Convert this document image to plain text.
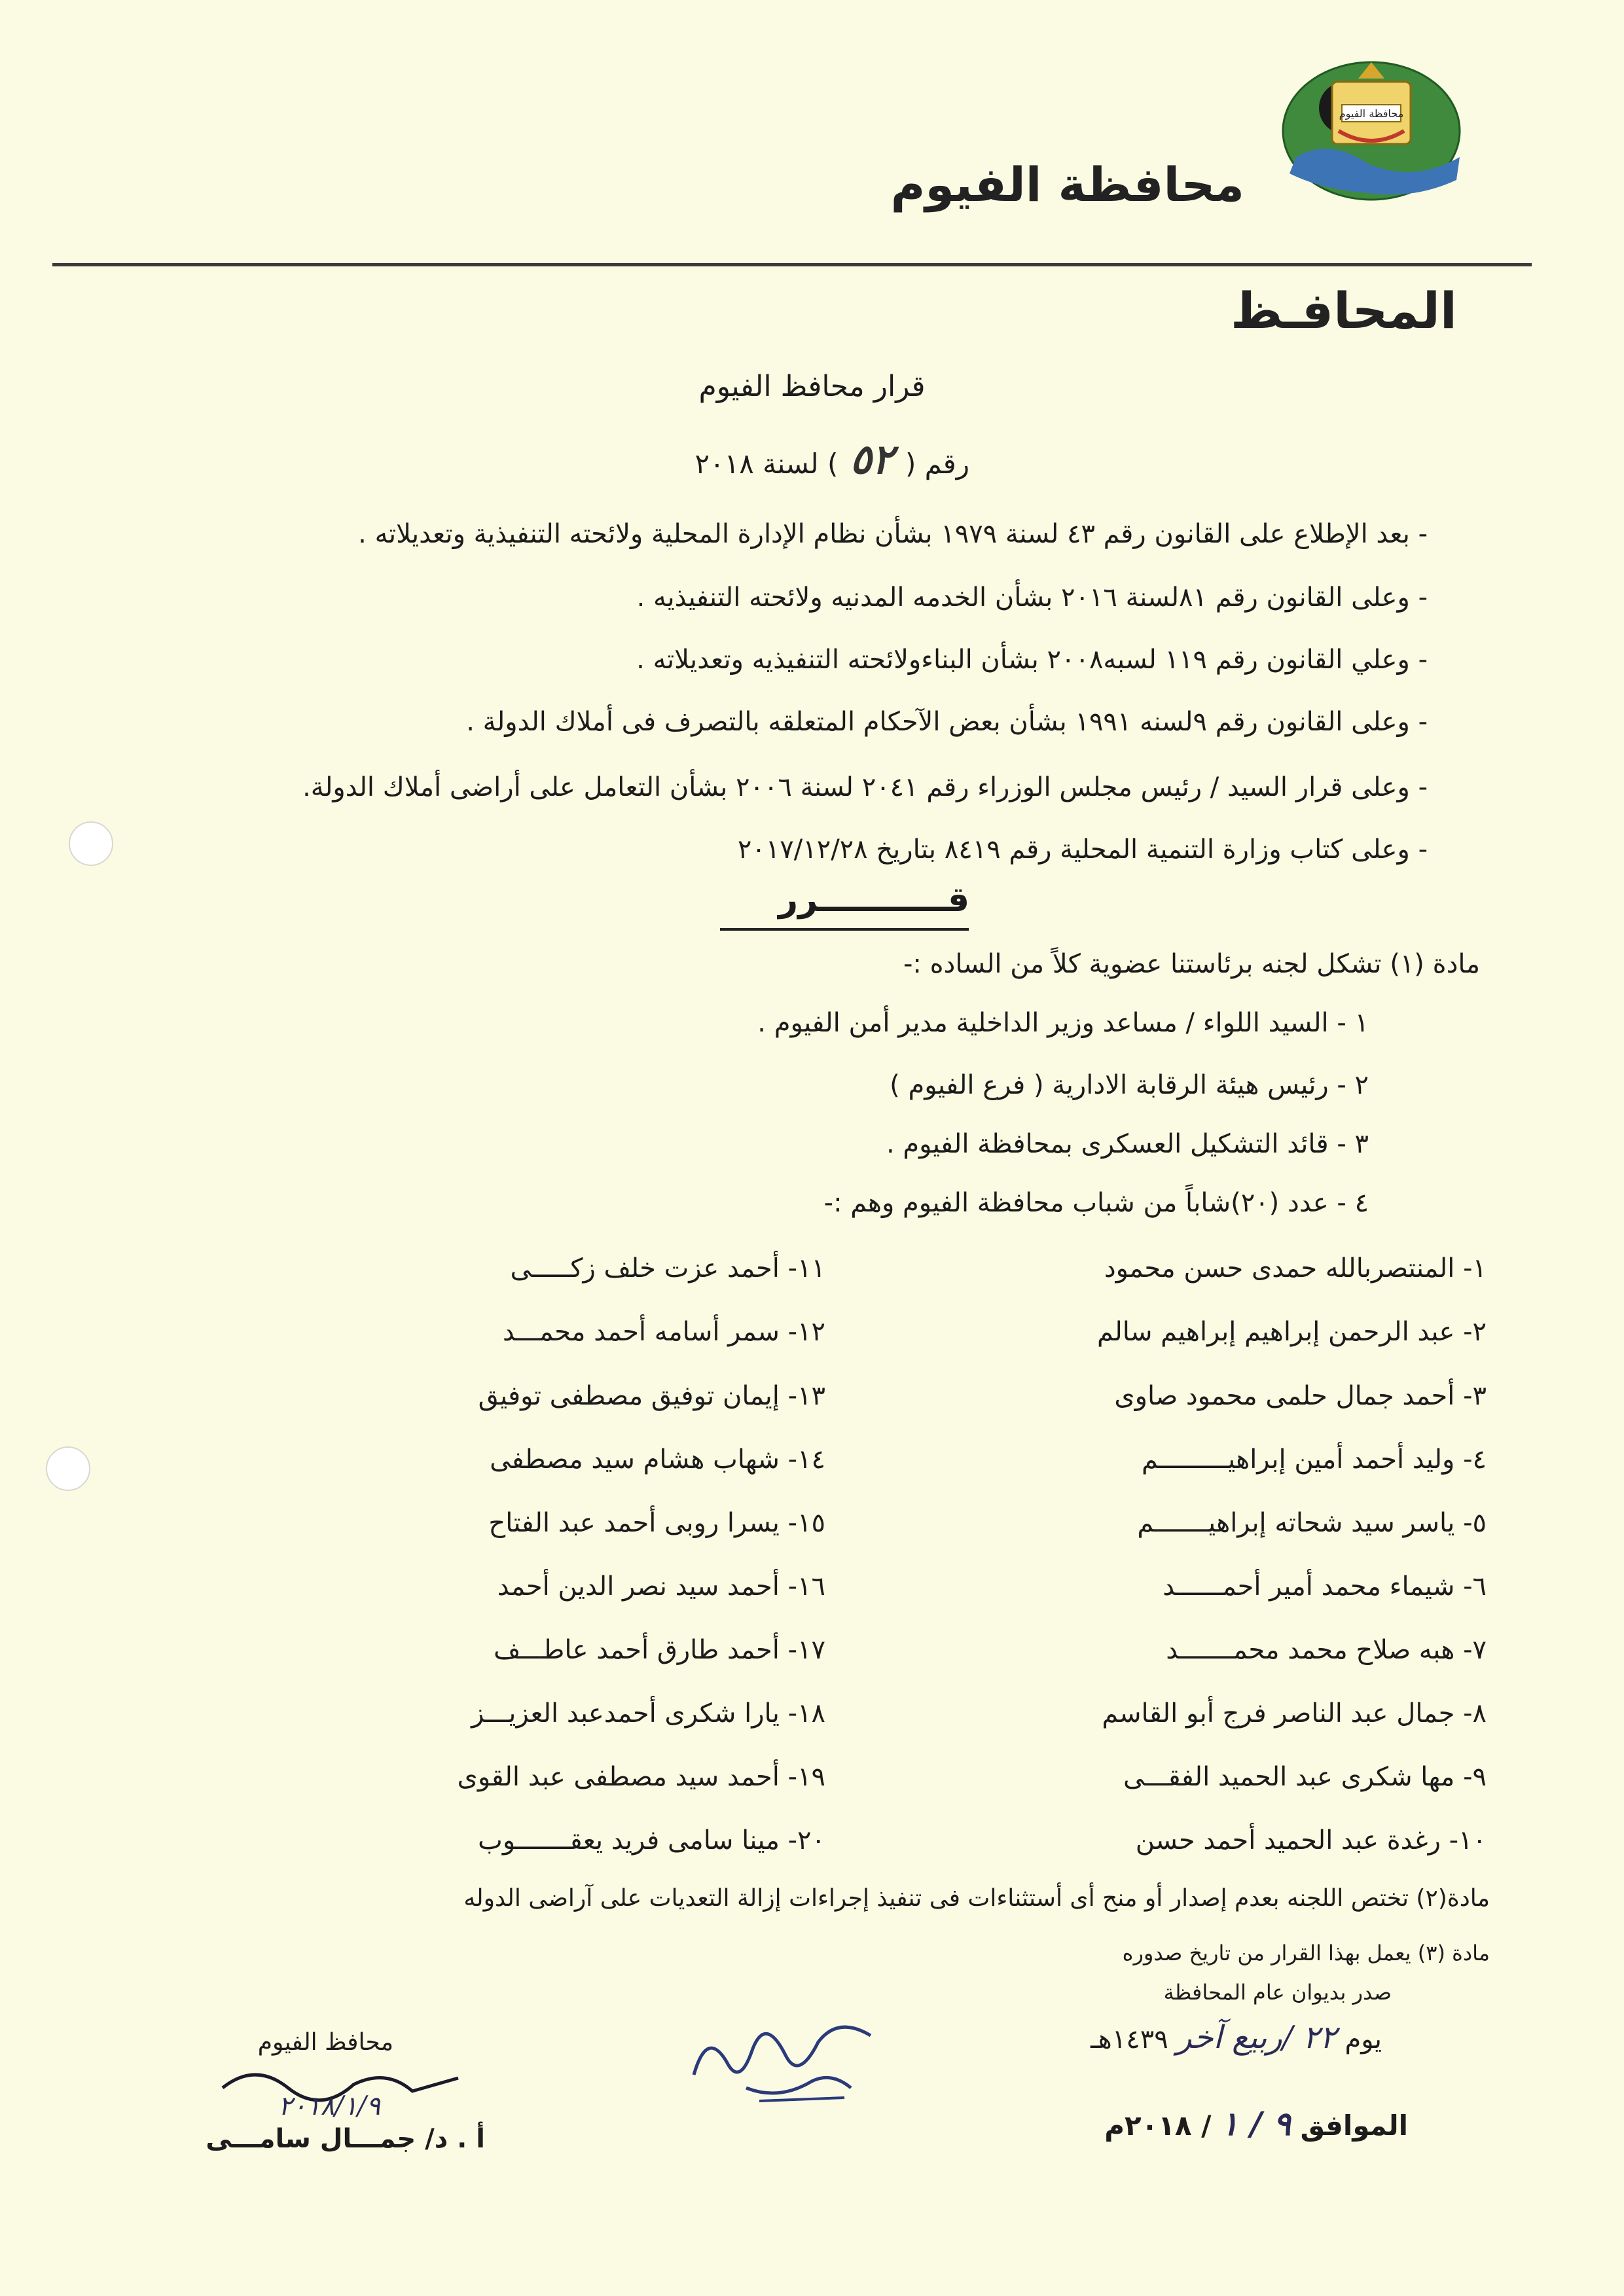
محافظة الفيوم
محافظة الفيوم
المحافـظ
قرار محافظ الفيوم
رقم (٥٢) لسنة ٢٠١٨
- بعد الإطلاع على القانون رقم ٤٣ لسنة ١٩٧٩ بشأن نظام الإدارة المحلية ولائحته التنفيذية وتعديلاته .
- وعلى القانون رقم ٨١لسنة ٢٠١٦ بشأن الخدمه المدنيه ولائحته التنفيذيه .
- وعلي القانون رقم ١١٩ لسبه٢٠٠٨ بشأن البناءولائحته التنفيذيه وتعديلاته .
- وعلى القانون رقم ٩لسنه ١٩٩١ بشأن بعض الآحكام المتعلقه بالتصرف فى أملاك الدولة .
- وعلى قرار السيد / رئيس مجلس الوزراء رقم ٢٠٤١ لسنة ٢٠٠٦ بشأن التعامل على أراضى أملاك الدولة.
- وعلى كتاب وزارة التنمية المحلية رقم ٨٤١٩ بتاريخ ٢٠١٧/١٢/٢٨
قـــــــــــرر
مادة (١) تشكل لجنه برئاستنا عضوية كلاً من الساده :-
١ - السيد اللواء / مساعد وزير الداخلية مدير أمن الفيوم .
٢ - رئيس هيئة الرقابة الادارية ( فرع الفيوم )
٣ - قائد التشكيل العسكرى بمحافظة الفيوم .
٤ - عدد (٢٠)شاباً من شباب محافظة الفيوم وهم :-
١- المنتصربالله حمدى حسن محمود
٢- عبد الرحمن إبراهيم إبراهيم سالم
٣- أحمد جمال حلمى محمود صاوى
٤- وليد أحمد أمين إبراهيـــــــــم
٥- ياسر سيد شحاته إبراهيـــــــم
٦- شيماء محمد أمير أحمــــــد
٧- هبه صلاح محمد محمـــــــد
٨- جمال عبد الناصر فرج أبو القاسم
٩- مها شكرى عبد الحميد الفقـــى
١٠- رغدة عبد الحميد أحمد حسن
١١- أحمد عزت خلف زكـــــى
١٢- سمر أسامه أحمد محمـــد
١٣- إيمان توفيق مصطفى توفيق
١٤- شهاب هشام سيد مصطفى
١٥- يسرا روبى أحمد عبد الفتاح
١٦- أحمد سيد نصر الدين أحمد
١٧- أحمد طارق أحمد عاطـــف
١٨- يارا شكرى أحمدعبد العزيـــز
١٩- أحمد سيد مصطفى عبد القوى
٢٠- مينا سامى فريد يعقـــــــوب
مادة(٢) تختص اللجنه بعدم إصدار أو منح أى أستثناءات فى تنفيذ إجراءات إزالة التعديات على آراضى الدوله
مادة (٣) يعمل بهذا القرار من تاريخ صدوره
صدر بديوان عام المحافظة
يوم ٢٢ /ربيع آخر ١٤٣٩هـ
الموافق ٩ / ١ / ٢٠١٨م
محافظ الفيوم
٢٠١٨/١/٩
أ . د/ جمـــال سامـــى
